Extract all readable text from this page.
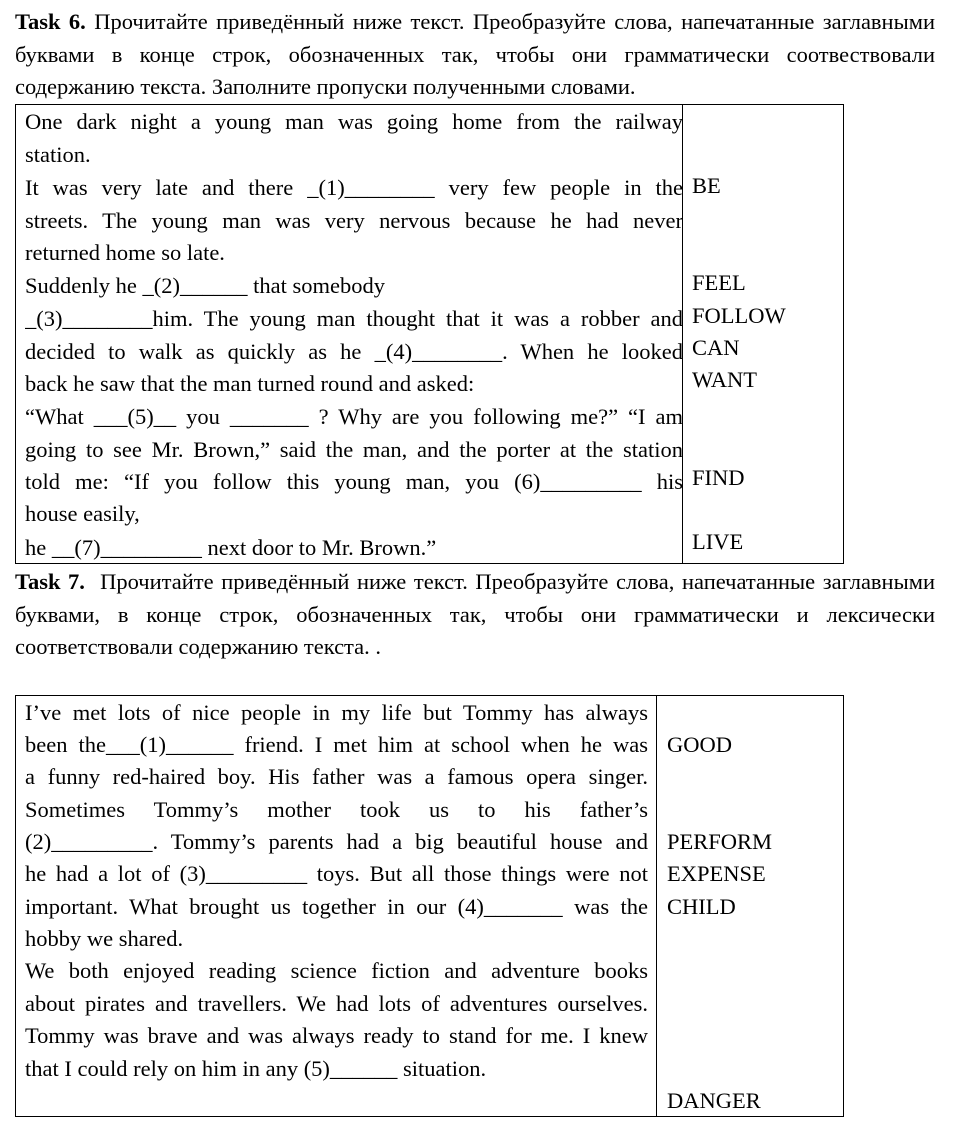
Task 6. Прочитайте приведённый ниже текст. Преобразуйте слова, напечатанные заглавными буквами в конце строк, обозначенных так, чтобы они грамматически соотвествовали содержанию текста. Заполните пропуски полученными словами.

One dark night a young man was going home from the railway
station.
It was very late and there _(1)________ very few people in the
streets. The young man was very nervous because he had never
returned home so late.
Suddenly he _(2)______ that somebody
_(3)________him. The young man thought that it was a robber and
decided to walk as quickly as he _(4)________. When he looked
back he saw that the man turned round and asked:
“What ___(5)__ you _______ ? Why are you following me?” “I am
going to see Mr. Brown,” said the man, and the porter at the station
told me: “If you follow this young man, you (6)_________ his
house easily,
he __(7)_________ next door to Mr. Brown.”
BE
FEEL
FOLLOW
CAN
WANT
FIND
LIVE

Task 7. Прочитайте приведённый ниже текст. Преобразуйте слова, напечатанные заглавными буквами, в конце строк, обозначенных так, чтобы они грамматически и лексически соответствовали содержанию текста. .

I’ve met lots of nice people in my life but Tommy has always
been the___(1)______ friend. I met him at school when he was
a funny red-haired boy. His father was a famous opera singer.
Sometimes Tommy’s mother took us to his father’s
(2)_________. Tommy’s parents had a big beautiful house and
he had a lot of (3)_________ toys. But all those things were not
important. What brought us together in our (4)_______ was the
hobby we shared.
We both enjoyed reading science fiction and adventure books
about pirates and travellers. We had lots of adventures ourselves.
Tommy was brave and was always ready to stand for me. I knew
that I could rely on him in any (5)______ situation.
GOOD
PERFORM
EXPENSE
CHILD
DANGER
